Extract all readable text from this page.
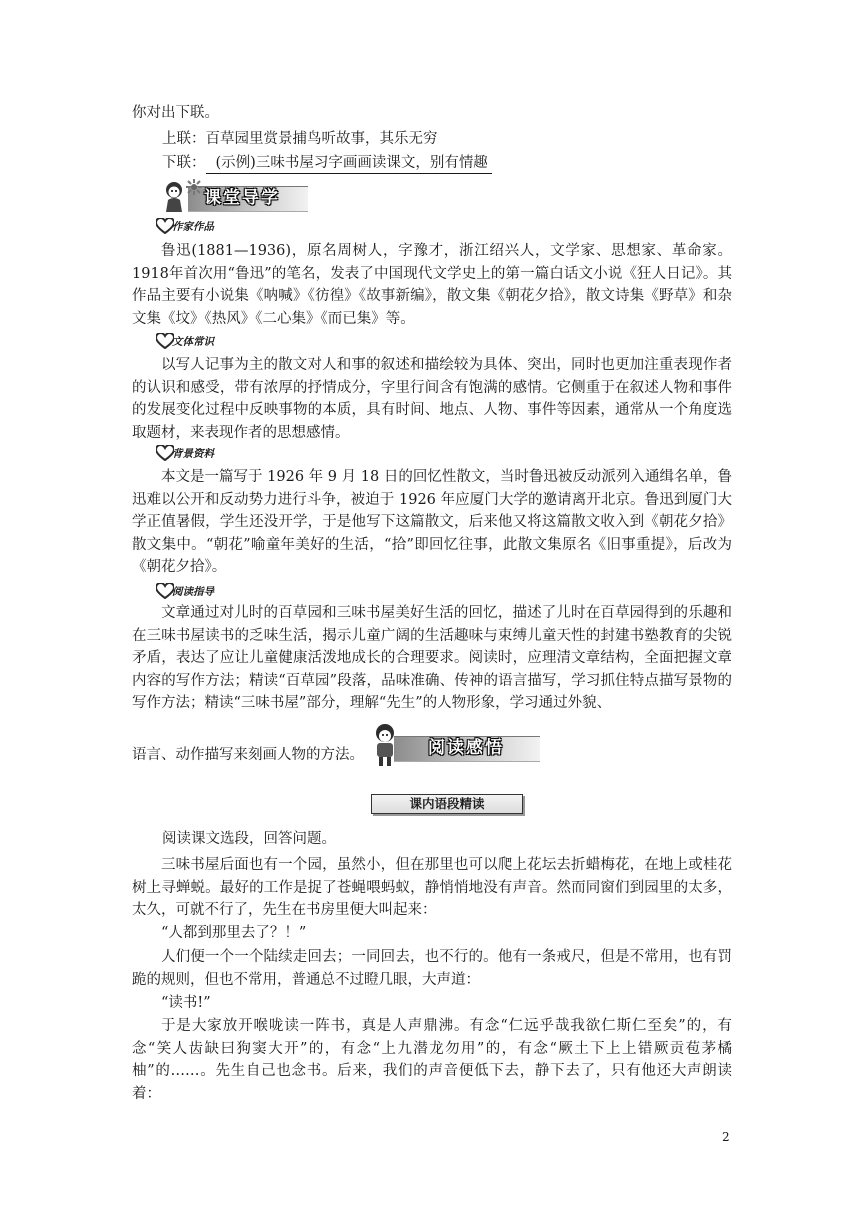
你对出下联。
上联：百草园里赏景捕鸟听故事，其乐无穷
下联： (示例)三味书屋习字画画读课文，别有情趣
课堂导学
作家作品

鲁迅(1881—1936)，原名周树人，字豫才，浙江绍兴人，文学家、思想家、革命家。1918年首次用“鲁迅”的笔名，发表了中国现代文学史上的第一篇白话文小说《狂人日记》。其作品主要有小说集《呐喊》《彷徨》《故事新编》，散文集《朝花夕拾》，散文诗集《野草》和杂文集《坟》《热风》《二心集》《而已集》等。

文体常识

以写人记事为主的散文对人和事的叙述和描绘较为具体、突出，同时也更加注重表现作者的认识和感受，带有浓厚的抒情成分，字里行间含有饱满的感情。它侧重于在叙述人物和事件的发展变化过程中反映事物的本质，具有时间、地点、人物、事件等因素，通常从一个角度选取题材，来表现作者的思想感情。

背景资料

本文是一篇写于 1926 年 9 月 18 日的回忆性散文，当时鲁迅被反动派列入通缉名单，鲁迅难以公开和反动势力进行斗争，被迫于 1926 年应厦门大学的邀请离开北京。鲁迅到厦门大学正值暑假，学生还没开学，于是他写下这篇散文，后来他又将这篇散文收入到《朝花夕拾》散文集中。“朝花”喻童年美好的生活，“拾”即回忆往事，此散文集原名《旧事重提》，后改为《朝花夕拾》。

阅读指导

文章通过对儿时的百草园和三味书屋美好生活的回忆，描述了儿时在百草园得到的乐趣和在三味书屋读书的乏味生活，揭示儿童广阔的生活趣味与束缚儿童天性的封建书塾教育的尖锐矛盾，表达了应让儿童健康活泼地成长的合理要求。阅读时，应理清文章结构，全面把握文章内容的写作方法；精读“百草园”段落，品味准确、传神的语言描写，学习抓住特点描写景物的写作方法；精读“三味书屋”部分，理解“先生”的人物形象，学习通过外貌、

语言、动作描写来刻画人物的方法。	阅读感悟
课内语段精读
阅读课文选段，回答问题。

三味书屋后面也有一个园，虽然小，但在那里也可以爬上花坛去折蜡梅花，在地上或桂花树上寻蝉蜕。最好的工作是捉了苍蝇喂蚂蚁，静悄悄地没有声音。然而同窗们到园里的太多，太久，可就不行了，先生在书房里便大叫起来：

“人都到那里去了？！”

人们便一个一个陆续走回去；一同回去，也不行的。他有一条戒尺，但是不常用，也有罚跪的规则，但也不常用，普通总不过瞪几眼，大声道：

“读书!”

于是大家放开喉咙读一阵书，真是人声鼎沸。有念“仁远乎哉我欲仁斯仁至矣”的，有念“笑人齿缺曰狗窦大开”的，有念“上九潜龙勿用”的，有念“厥土下上上错厥贡苞茅橘柚”的……。先生自己也念书。后来，我们的声音便低下去，静下去了，只有他还大声朗读着：

2
